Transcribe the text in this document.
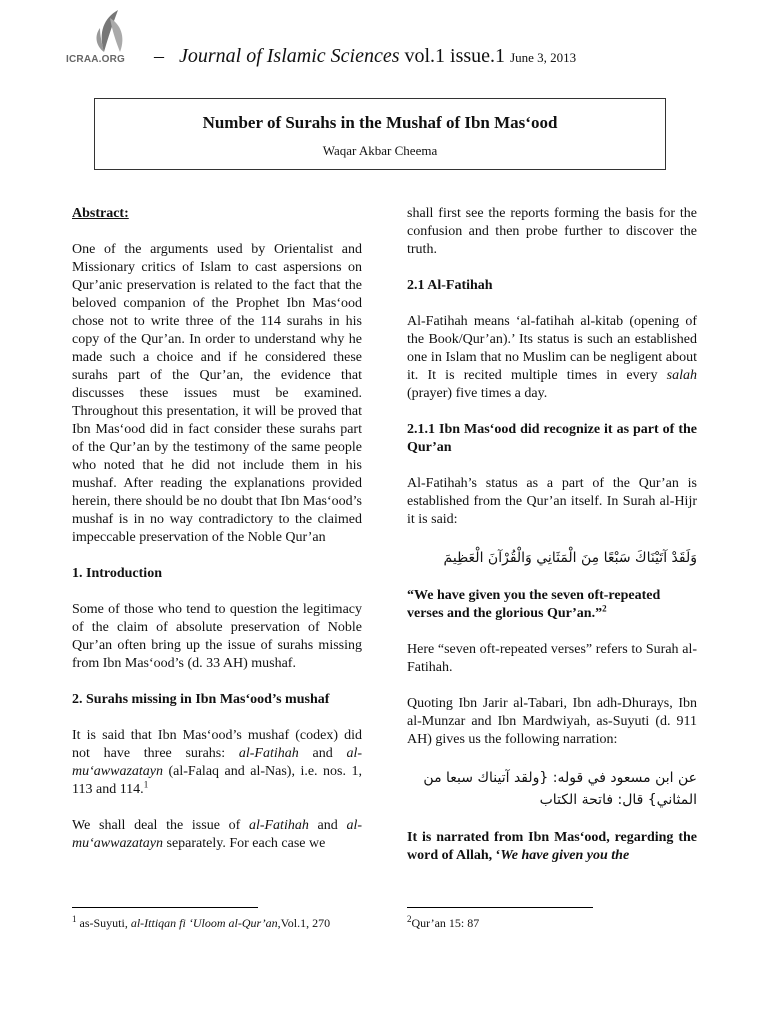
ICRAA.ORG – Journal of Islamic Sciences vol.1 issue.1 June 3, 2013
Number of Surahs in the Mushaf of Ibn Mas‘ood
Waqar Akbar Cheema

Abstract:

One of the arguments used by Orientalist and Missionary critics of Islam to cast aspersions on Qur’anic preservation is related to the fact that the beloved companion of the Prophet Ibn Mas‘ood chose not to write three of the 114 surahs in his copy of the Qur’an. In order to understand why he made such a choice and if he considered these surahs part of the Qur’an, the evidence that discusses these issues must be examined. Throughout this presentation, it will be proved that Ibn Mas‘ood did in fact consider these surahs part of the Qur’an by the testimony of the same people who noted that he did not include them in his mushaf. After reading the explanations provided herein, there should be no doubt that Ibn Mas‘ood’s mushaf is in no way contradictory to the claimed impeccable preservation of the Noble Qur’an

1. Introduction

Some of those who tend to question the legitimacy of the claim of absolute preservation of Noble Qur’an often bring up the issue of surahs missing from Ibn Mas‘ood’s (d. 33 AH) mushaf.

2. Surahs missing in Ibn Mas‘ood’s mushaf

It is said that Ibn Mas‘ood’s mushaf (codex) did not have three surahs: al-Fatihah and al-mu‘awwazatayn (al-Falaq and al-Nas), i.e. nos. 1, 113 and 114.$^1$

We shall deal the issue of al-Fatihah and al-mu‘awwazatayn separately. For each case we

shall first see the reports forming the basis for the confusion and then probe further to discover the truth.

2.1 Al-Fatihah

Al-Fatihah means ‘al-fatihah al-kitab (opening of the Book/Qur’an).’ Its status is such an established one in Islam that no Muslim can be negligent about it. It is recited multiple times in every salah (prayer) five times a day.

2.1.1 Ibn Mas‘ood did recognize it as part of the Qur’an

Al-Fatihah’s status as a part of the Qur’an is established from the Qur’an itself. In Surah al-Hijr it is said:

وَلَقَدْ آتَيْنَاكَ سَبْعًا مِنَ الْمَثَانِي وَالْقُرْآنَ الْعَظِيمَ

“We have given you the seven oft-repeated verses and the glorious Qur’an.”$^2$

Here “seven oft-repeated verses” refers to Surah al-Fatihah.

Quoting Ibn Jarir al-Tabari, Ibn adh-Dhurays, Ibn al-Munzar and Ibn Mardwiyah, as-Suyuti (d. 911 AH) gives us the following narration:

عن ابن مسعود في قوله: {ولقد آتيناك سبعا من المثاني} قال: فاتحة الكتاب

It is narrated from Ibn Mas‘ood, regarding the word of Allah, ‘We have given you the

$^1$ as-Suyuti, al-Ittiqan fi ‘Uloom al-Qur’an,Vol.1, 270	$^2$Qur’an 15: 87
